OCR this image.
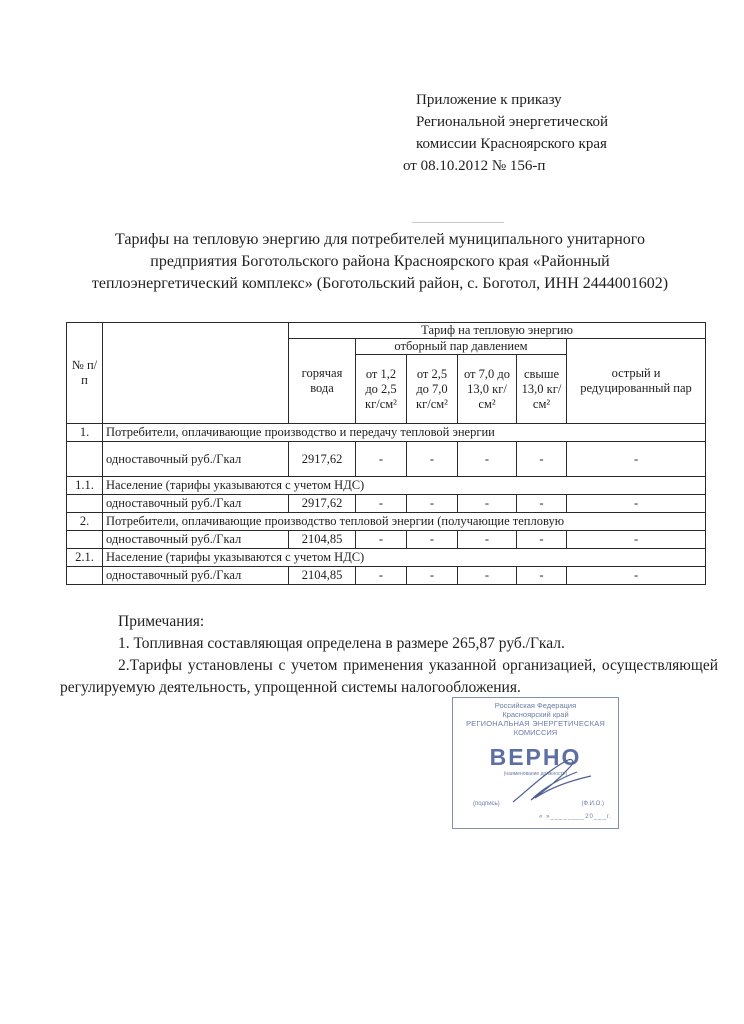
Приложение к приказу
Региональной энергетической
комиссии Красноярского края
от 08.10.2012 № 156-п
Тарифы на тепловую энергию для потребителей муниципального унитарного
предприятия Боготольского района Красноярского края «Районный
теплоэнергетический комплекс» (Боготольский район, с. Боготол, ИНН 2444001602)
№ п/п		Тариф на тепловую энергию					
		горячая вода	отборный пар давлением				острый и редуцированный пар
			от 1,2 до 2,5 кг/см²	от 2,5 до 7,0 кг/см²	от 7,0 до 13,0 кг/см²	свыше 13,0 кг/см²	
1.	Потребители, оплачивающие производство и передачу тепловой энергии						
	одноставочный руб./Гкал	2917,62	-	-	-	-	-
1.1.	Население (тарифы указываются с учетом НДС)						
	одноставочный руб./Гкал	2917,62	-	-	-	-	-
2.	Потребители, оплачивающие производство тепловой энергии (получающие тепловую						
	одноставочный руб./Гкал	2104,85	-	-	-	-	-
2.1.	Население (тарифы указываются с учетом НДС)						
	одноставочный руб./Гкал	2104,85	-	-	-	-	-
Примечания:
1. Топливная составляющая определена в размере 265,87 руб./Гкал.
2.Тарифы установлены с учетом применения указанной организацией, осуществляющей регулируемую деятельность, упрощенной системы налогообложения.
Российская Федерация
Красноярский край
РЕГИОНАЛЬНАЯ ЭНЕРГЕТИЧЕСКАЯ
КОМИССИЯ
ВЕРНО
(наименование должности)
(подпись)	(Ф.И.О.)
« »________20___г.
